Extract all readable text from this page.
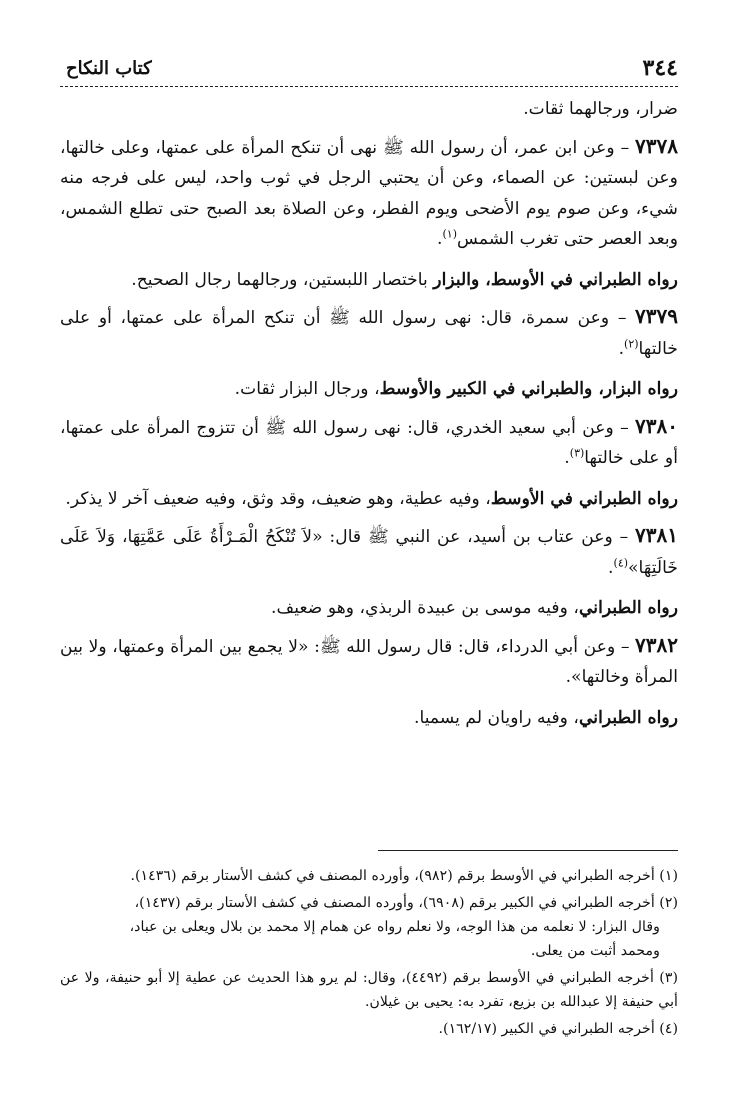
٣٤٤
كتاب النكاح

ضرار، ورجالهما ثقات.

٧٣٧٨ – وعن ابن عمر، أن رسول الله ﷺ نهى أن تنكح المرأة على عمتها، وعلى خالتها، وعن لبستين: عن الصماء، وعن أن يحتبي الرجل في ثوب واحد، ليس على فرجه منه شيء، وعن صوم يوم الأضحى ويوم الفطر، وعن الصلاة بعد الصبح حتى تطلع الشمس، وبعد العصر حتى تغرب الشمس$^{(١)}$.

رواه الطبراني في الأوسط، والبزار باختصار اللبستين، ورجالهما رجال الصحيح.

٧٣٧٩ – وعن سمرة، قال: نهى رسول الله ﷺ أن تنكح المرأة على عمتها، أو على خالتها$^{(٢)}$.

رواه البزار، والطبراني في الكبير والأوسط، ورجال البزار ثقات.

٧٣٨٠ – وعن أبي سعيد الخدري، قال: نهى رسول الله ﷺ أن تتزوج المرأة على عمتها، أو على خالتها$^{(٣)}$.

رواه الطبراني في الأوسط، وفيه عطية، وهو ضعيف، وقد وثق، وفيه ضعيف آخر لا يذكر.

٧٣٨١ – وعن عتاب بن أسيد، عن النبي ﷺ قال: «لاَ تُنْكَحُ الْمَـرْأَةُ عَلَى عَمَّتِهَا، وَلاَ عَلَى خَالَتِهَا»$^{(٤)}$.

رواه الطبراني، وفيه موسى بن عبيدة الربذي، وهو ضعيف.

٧٣٨٢ – وعن أبي الدرداء، قال: قال رسول الله ﷺ: «لا يجمع بين المرأة وعمتها، ولا بين المرأة وخالتها».

رواه الطبراني، وفيه راويان لم يسميا.

(١) أخرجه الطبراني في الأوسط برقم (٩٨٢)، وأورده المصنف في كشف الأستار برقم (١٤٣٦).

(٢) أخرجه الطبراني في الكبير برقم (٦٩٠٨)، وأورده المصنف في كشف الأستار برقم (١٤٣٧)،

وقال البزار: لا نعلمه من هذا الوجه، ولا نعلم رواه عن همام إلا محمد بن بلال ويعلى بن عباد،

ومحمد أثبت من يعلى.

(٣) أخرجه الطبراني في الأوسط برقم (٤٤٩٢)، وقال: لم يرو هذا الحديث عن عطية إلا أبو حنيفة، ولا عن أبي حنيفة إلا عبدالله بن بزيع، تفرد به: يحيى بن غيلان.

(٤) أخرجه الطبراني في الكبير (١٦٢/١٧).
